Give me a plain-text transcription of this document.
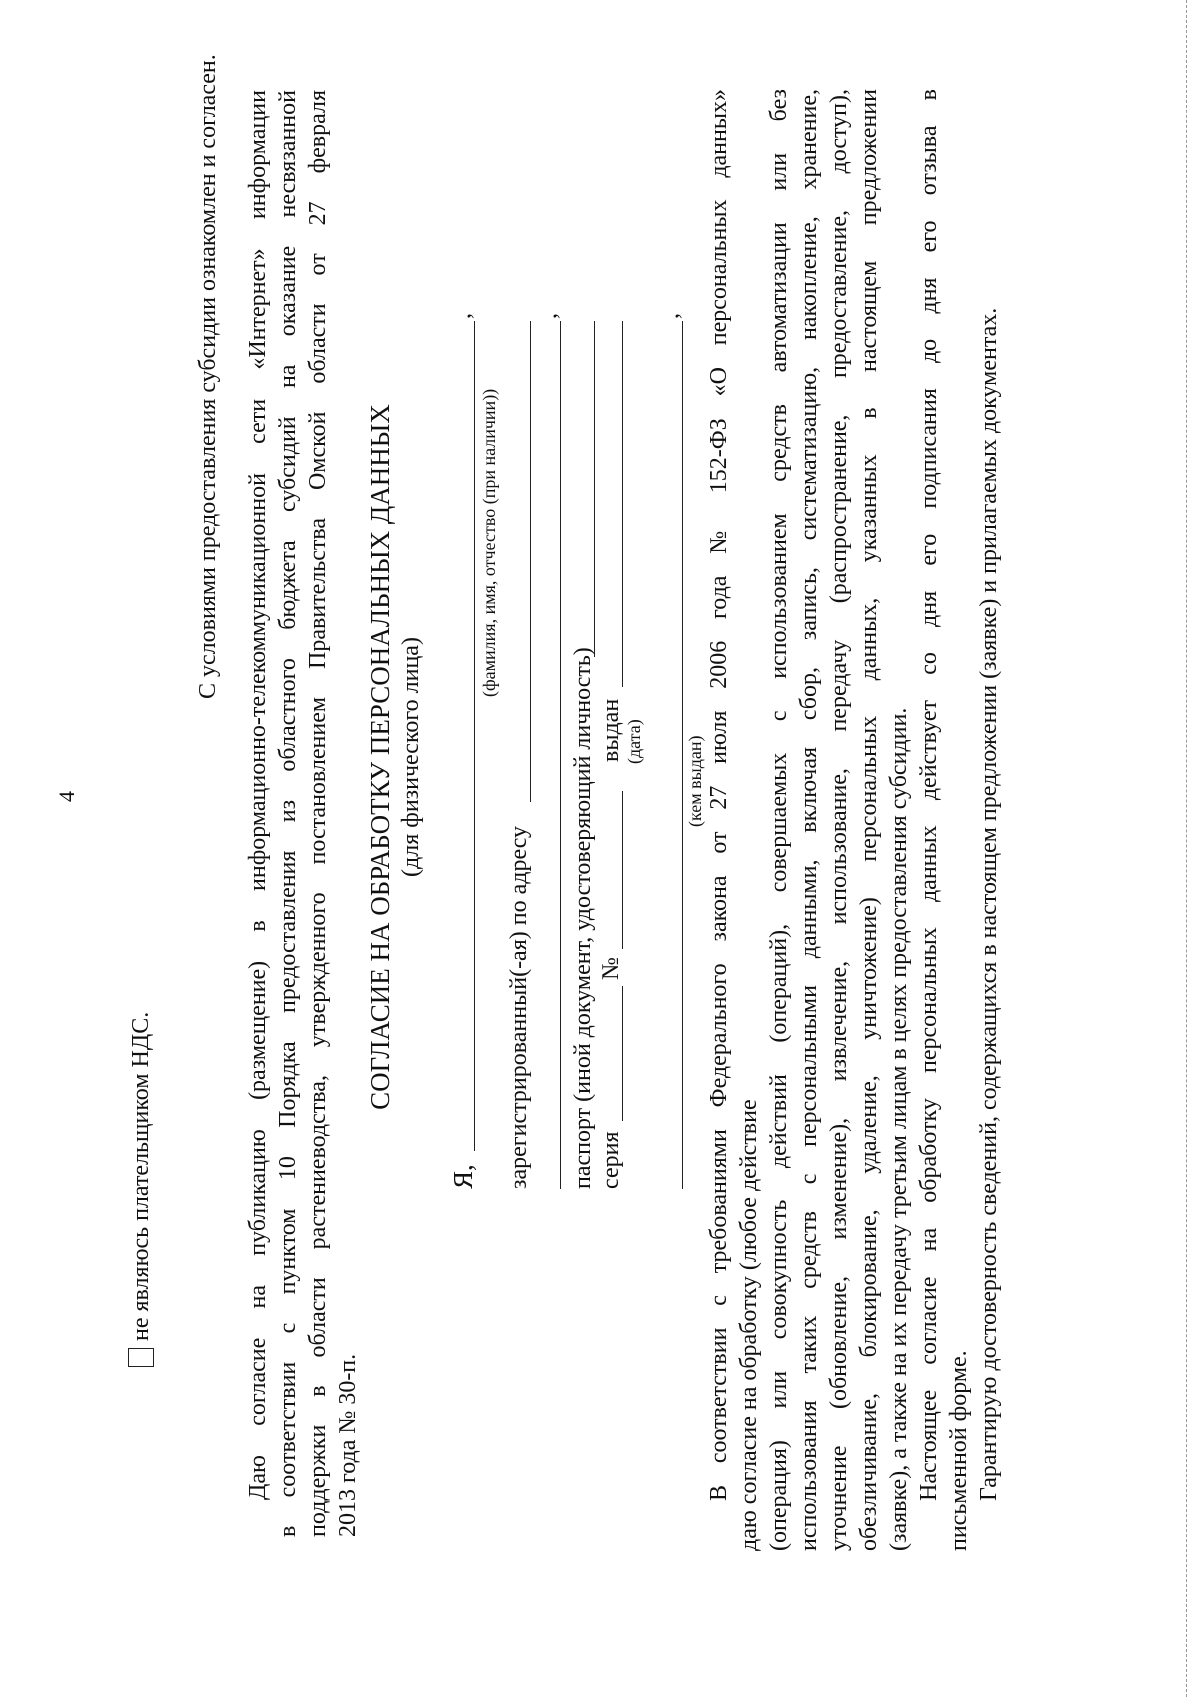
4
не являюсь плательщиком НДС.
С условиями предоставления субсидии ознакомлен и согласен. Даю согласие на публикацию (размещение) в информационно-телекоммуникационной сети «Интернет» информации в соответствии с пунктом 10 Порядка предоставления из областного бюджета субсидий на оказание несвязанной поддержки в области растениеводства, утвержденного постановлением Правительства Омской области от 27 февраля 2013 года № 30-п.
СОГЛАСИЕ НА ОБРАБОТКУ ПЕРСОНАЛЬНЫХ ДАННЫХ (для физического лица)
Я,
,
(фамилия, имя, отчество (при наличии))
зарегистрированный(-ая) по адресу
,
паспорт (иной документ, удостоверяющий личность) серия
№
выдан (дата)
,
(кем выдан) В соответствии с требованиями Федерального закона от 27 июля 2006 года № 152-ФЗ «О персональных данных» даю согласие на обработку (любое действие (операция) или совокупность действий (операций), совершаемых с использованием средств автоматизации или без использования таких средств с персональными данными, включая сбор, запись, систематизацию, накопление, хранение, уточнение (обновление, изменение), извлечение, использование, передачу (распространение, предоставление, доступ), обезличивание, блокирование, удаление, уничтожение) персональных данных, указанных в настоящем предложении (заявке), а также на их передачу третьим лицам в целях предоставления субсидии. Настоящее согласие на обработку персональных данных действует со дня его подписания до дня его отзыва в письменной форме. Гарантирую достоверность сведений, содержащихся в настоящем предложении (заявке) и прилагаемых документах.
